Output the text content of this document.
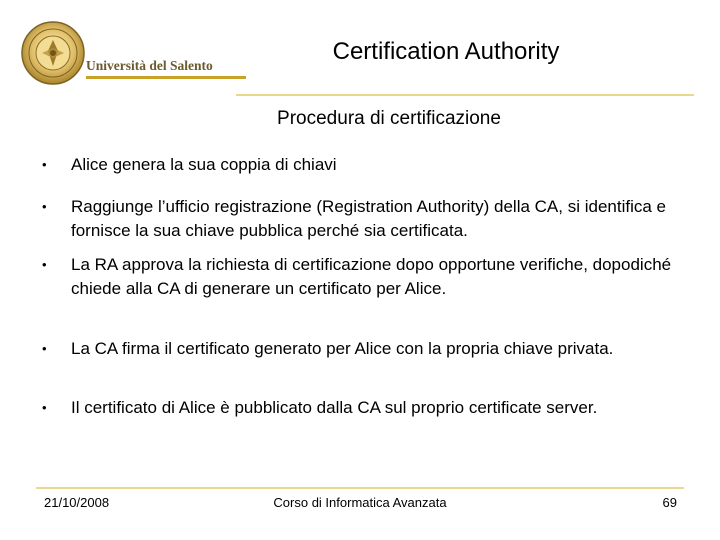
Università del Salento
Certification Authority
Procedura di certificazione
•	Alice genera la sua coppia di chiavi
•	Raggiunge l’ufficio registrazione (Registration Authority) della CA, si identifica e fornisce la sua chiave pubblica perché sia certificata.
•	La RA approva la richiesta di certificazione dopo opportune verifiche, dopodiché chiede alla CA di generare un certificato per Alice.
•	La CA firma il certificato generato per Alice con la propria chiave privata.
•	Il certificato di Alice è pubblicato dalla CA sul proprio certificate server.
21/10/2008	Corso di Informatica Avanzata	69
